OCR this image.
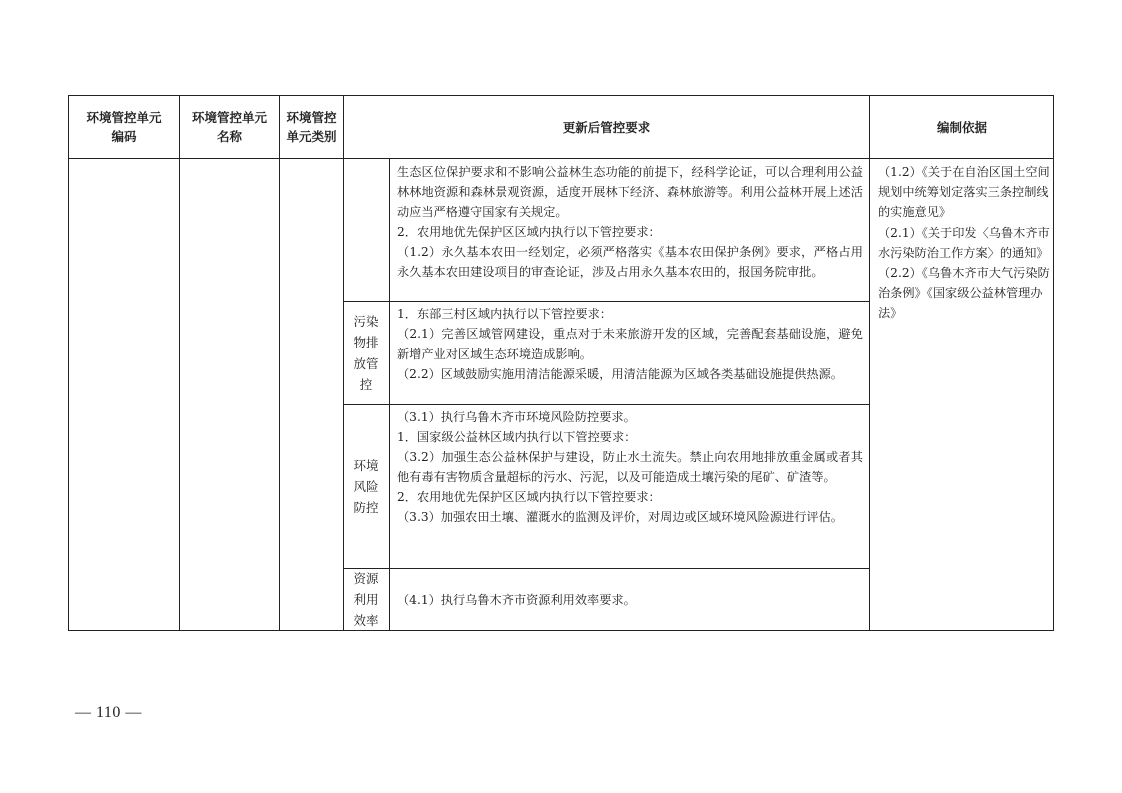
环境管控单元编码
环境管控单元名称
环境管控单元类别
更新后管控要求	编制依据

生态区位保护要求和不影响公益林生态功能的前提下，经科学论证，可以合理利用公益林林地资源和森林景观资源，适度开展林下经济、森林旅游等。利用公益林开展上述活动应当严格遵守国家有关规定。

2．农用地优先保护区区域内执行以下管控要求：

（1.2）永久基本农田一经划定，必须严格落实《基本农田保护条例》要求，严格占用永久基本农田建设项目的审查论证，涉及占用永久基本农田的，报国务院审批。

污染物排放管控

1．东部三村区域内执行以下管控要求：

（2.1）完善区域管网建设，重点对于未来旅游开发的区域，完善配套基础设施，避免新增产业对区域生态环境造成影响。

（2.2）区域鼓励实施用清洁能源采暖，用清洁能源为区域各类基础设施提供热源。

环境风险防控

（3.1）执行乌鲁木齐市环境风险防控要求。

1．国家级公益林区域内执行以下管控要求：

（3.2）加强生态公益林保护与建设，防止水土流失。禁止向农用地排放重金属或者其他有毒有害物质含量超标的污水、污泥，以及可能造成土壤污染的尾矿、矿渣等。

2．农用地优先保护区区域内执行以下管控要求：

（3.3）加强农田土壤、灌溉水的监测及评价，对周边或区域环境风险源进行评估。

资源利用效率

（4.1）执行乌鲁木齐市资源利用效率要求。

（1.2）《关于在自治区国土空间规划中统筹划定落实三条控制线的实施意见》

（2.1）《关于印发〈乌鲁木齐市水污染防治工作方案〉的通知》

（2.2）《乌鲁木齐市大气污染防治条例》《国家级公益林管理办法》

— 110 —
